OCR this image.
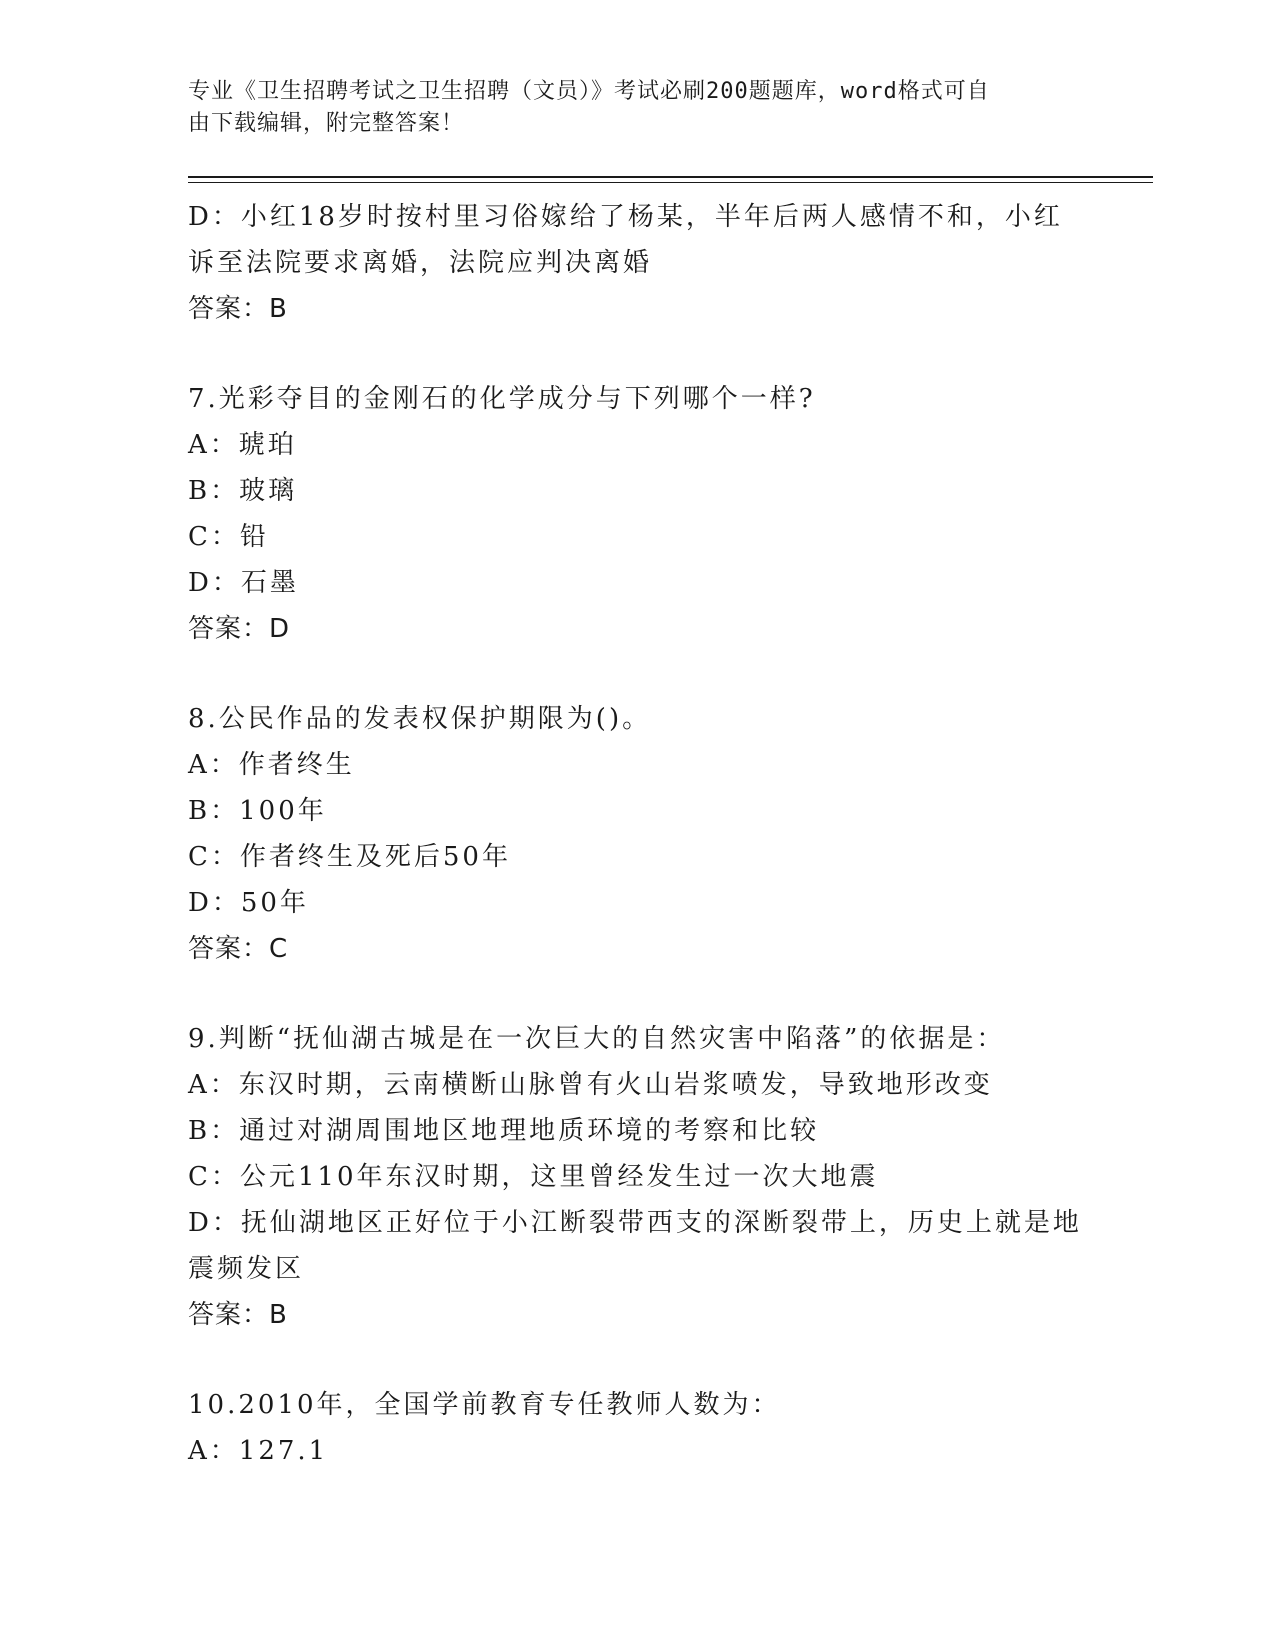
专业《卫生招聘考试之卫生招聘（文员）》考试必刷200题题库，word格式可自
由下载编辑，附完整答案！
D：小红18岁时按村里习俗嫁给了杨某，半年后两人感情不和，小红
诉至法院要求离婚，法院应判决离婚
答案：B
7.光彩夺目的金刚石的化学成分与下列哪个一样?
A：琥珀
B：玻璃
C：铅
D：石墨
答案：D
8.公民作品的发表权保护期限为()。
A：作者终生
B：100年
C：作者终生及死后50年
D：50年
答案：C
9.判断“抚仙湖古城是在一次巨大的自然灾害中陷落”的依据是：
A：东汉时期，云南横断山脉曾有火山岩浆喷发，导致地形改变
B：通过对湖周围地区地理地质环境的考察和比较
C：公元110年东汉时期，这里曾经发生过一次大地震
D：抚仙湖地区正好位于小江断裂带西支的深断裂带上，历史上就是地
震频发区
答案：B
10.2010年，全国学前教育专任教师人数为：
A：127.1
